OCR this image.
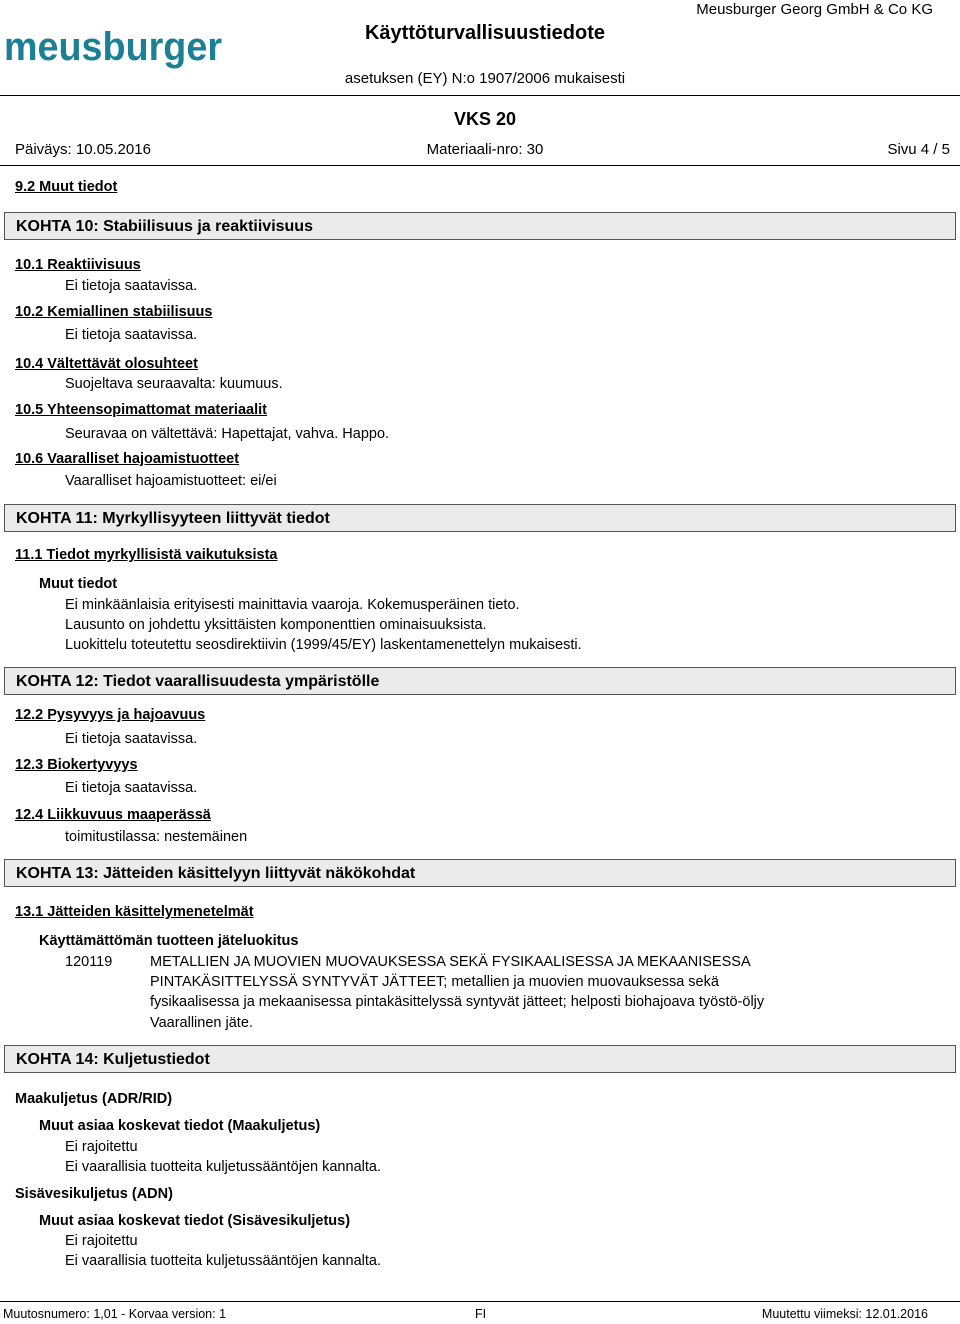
meusburger	Käyttöturvallisuustiedote
Meusburger Georg GmbH & Co KG
asetuksen (EY) N:o 1907/2006 mukaisesti
VKS 20
Päiväys: 10.05.2016	Materiaali-nro: 30	Sivu 4 / 5
9.2 Muut tiedot
KOHTA 10: Stabiilisuus ja reaktiivisuus
10.1 Reaktiivisuus
Ei tietoja saatavissa.
10.2 Kemiallinen stabiilisuus
Ei tietoja saatavissa.
10.4 Vältettävät olosuhteet
Suojeltava seuraavalta: kuumuus.
10.5 Yhteensopimattomat materiaalit
Seuravaa on vältettävä: Hapettajat, vahva. Happo.
10.6 Vaaralliset hajoamistuotteet
Vaaralliset hajoamistuotteet: ei/ei
KOHTA 11: Myrkyllisyyteen liittyvät tiedot
11.1 Tiedot myrkyllisistä vaikutuksista
Muut tiedot
Ei minkäänlaisia erityisesti mainittavia vaaroja. Kokemusperäinen tieto.
Lausunto on johdettu yksittäisten komponenttien ominaisuuksista.
Luokittelu toteutettu seosdirektiivin (1999/45/EY) laskentamenettelyn mukaisesti.
KOHTA 12: Tiedot vaarallisuudesta ympäristölle
12.2 Pysyvyys ja hajoavuus
Ei tietoja saatavissa.
12.3 Biokertyvyys
Ei tietoja saatavissa.
12.4 Liikkuvuus maaperässä
toimitustilassa: nestemäinen
KOHTA 13: Jätteiden käsittelyyn liittyvät näkökohdat
13.1 Jätteiden käsittelymenetelmät
Käyttämättömän tuotteen jäteluokitus
120119	METALLIEN JA MUOVIEN MUOVAUKSESSA SEKÄ FYSIKAALISESSA JA MEKAANISESSA
PINTAKÄSITTELYSSÄ SYNTYVÄT JÄTTEET; metallien ja muovien muovauksessa sekä
fysikaalisessa ja mekaanisessa pintakäsittelyssä syntyvät jätteet; helposti biohajoava työstö-öljy
Vaarallinen jäte.
KOHTA 14: Kuljetustiedot
Maakuljetus (ADR/RID)
Muut asiaa koskevat tiedot (Maakuljetus)
Ei rajoitettu
Ei vaarallisia tuotteita kuljetussääntöjen kannalta.
Sisävesikuljetus (ADN)
Muut asiaa koskevat tiedot (Sisävesikuljetus)
Ei rajoitettu
Ei vaarallisia tuotteita kuljetussääntöjen kannalta.
Muutosnumero: 1,01 - Korvaa version: 1	FI	Muutettu viimeksi: 12.01.2016
